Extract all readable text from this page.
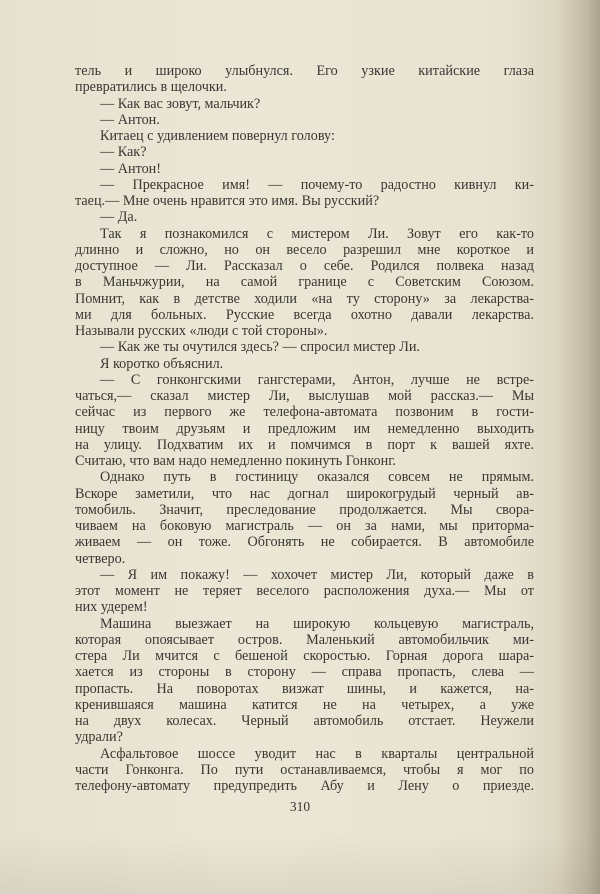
тель и широко улыбнулся. Его узкие китайские глаза
превратились в щелочки.
— Как вас зовут, мальчик?
— Антон.
Китаец с удивлением повернул голову:
— Как?
— Антон!
— Прекрасное имя! — почему-то радостно кивнул ки-
таец.— Мне очень нравится это имя. Вы русский?
— Да.
Так я познакомился с мистером Ли. Зовут его как-то
длинно и сложно, но он весело разрешил мне короткое и
доступное — Ли. Рассказал о себе. Родился полвека назад
в Маньчжурии, на самой границе с Советским Союзом.
Помнит, как в детстве ходили «на ту сторону» за лекарства-
ми для больных. Русские всегда охотно давали лекарства.
Называли русских «люди с той стороны».
— Как же ты очутился здесь? — спросил мистер Ли.
Я коротко объяснил.
— С гонконгскими гангстерами, Антон, лучше не встре-
чаться,— сказал мистер Ли, выслушав мой рассказ.— Мы
сейчас из первого же телефона-автомата позвоним в гости-
ницу твоим друзьям и предложим им немедленно выходить
на улицу. Подхватим их и помчимся в порт к вашей яхте.
Считаю, что вам надо немедленно покинуть Гонконг.
Однако путь в гостиницу оказался совсем не прямым.
Вскоре заметили, что нас догнал широкогрудый черный ав-
томобиль. Значит, преследование продолжается. Мы свора-
чиваем на боковую магистраль — он за нами, мы приторма-
живаем — он тоже. Обгонять не собирается. В автомобиле
четверо.
— Я им покажу! — хохочет мистер Ли, который даже в
этот момент не теряет веселого расположения духа.— Мы от
них удерем!
Машина выезжает на широкую кольцевую магистраль,
которая опоясывает остров. Маленький автомобильчик ми-
стера Ли мчится с бешеной скоростью. Горная дорога шара-
хается из стороны в сторону — справа пропасть, слева —
пропасть. На поворотах визжат шины, и кажется, на-
кренившаяся машина катится не на четырех, а уже
на двух колесах. Черный автомобиль отстает. Неужели
удрали?
Асфальтовое шоссе уводит нас в кварталы центральной
части Гонконга. По пути останавливаемся, чтобы я мог по
телефону-автомату предупредить Абу и Лену о приезде.
310
